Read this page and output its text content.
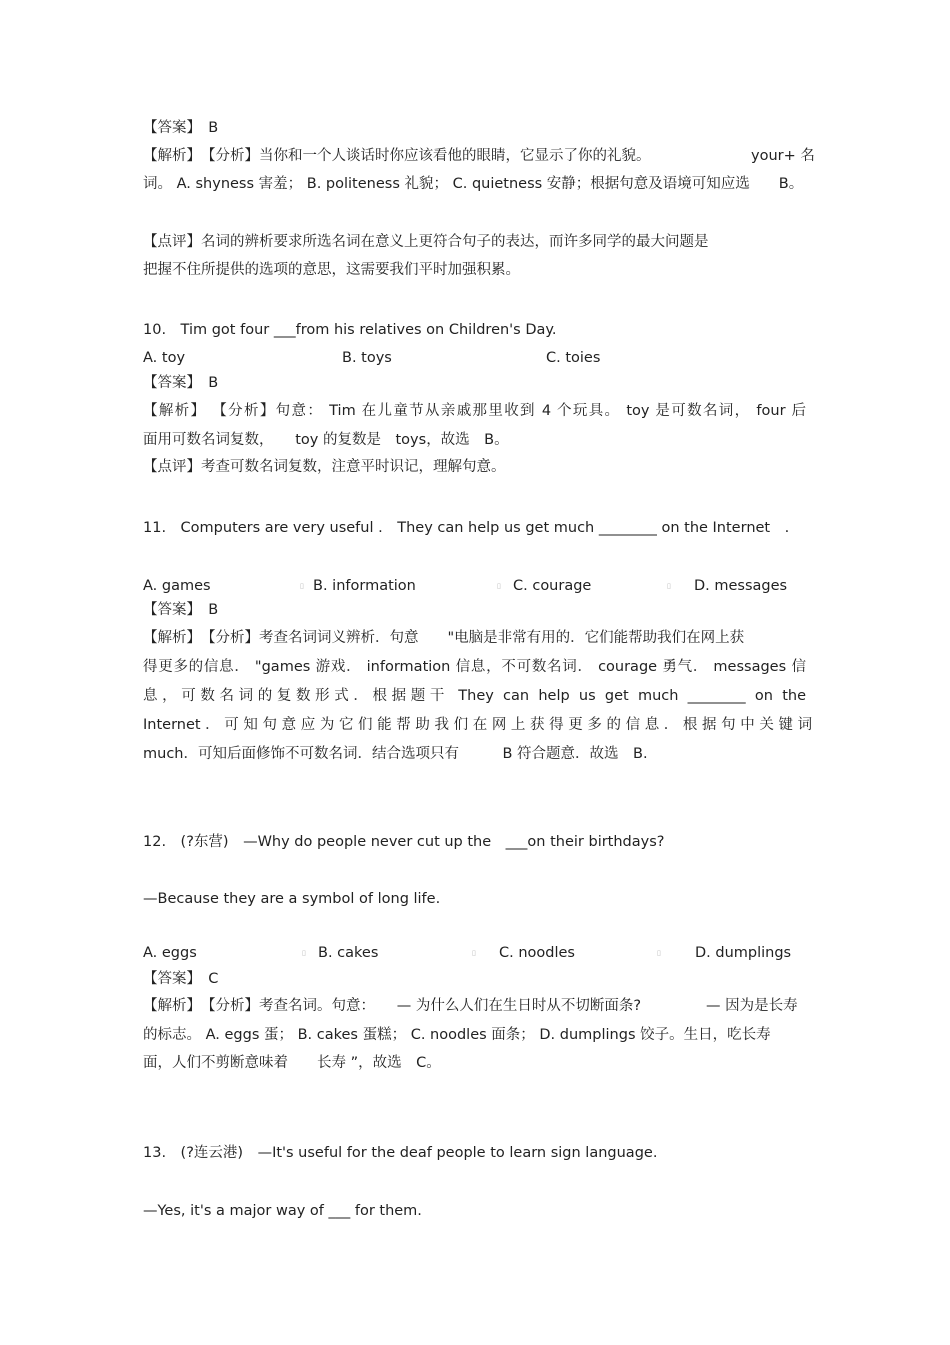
【答案】　B
【解析】　【分析】当你和一个人谈话时你应该看他的眼睛，它显示了你的礼貌。	your+ 名
词。 A. shyness 害羞； B. politeness 礼貌； C. quietness 安静；根据句意及语境可知应选　　B。
【点评】名词的辨析要求所选名词在意义上更符合句子的表达，而许多同学的最大问题是
把握不住所提供的选项的意思，这需要我们平时加强积累。
10.　Tim got four ___from his relatives on Children's Day.
A. toy	B. toys	C. toies
【答案】　B
【解析】 【分析】句意： Tim 在儿童节从亲戚那里收到 4 个玩具。 toy 是可数名词， four 后
面用可数名词复数，　　toy 的复数是　toys，故选　B。
【点评】考查可数名词复数，注意平时识记，理解句意。
11.　Computers are very useful .　They can help us get much ________ on the Internet　.
A. games	▯ B. information	▯ C. courage	▯ D. messages
【答案】　B
【解析】　【分析】考查名词词义辨析．句意　　"电脑是非常有用的．它们能帮助我们在网上获
得更多的信息． "games 游戏． information 信息，不可数名词． courage 勇气． messages 信
息，可数名词的复数形式．根据题干 They can help us get much ________ on the
Internet ． 可 知 句 意 应 为 它 们 能 帮 助 我 们 在 网 上 获 得 更 多 的 信 息 ． 根 据 句 中 关 键 词
much．可知后面修饰不可数名词．结合选项只有　　　B 符合题意．故选　B.
12.　(?东营)　—Why do people never cut up the　___on their birthdays?
—Because they are a symbol of long life.
A. eggs	▯ B. cakes	▯ C. noodles	▯ D. dumplings
【答案】　C
【解析】　【分析】考查名词。句意：　　— 为什么人们在生日时从不切断面条?	— 因为是长寿
的标志。 A. eggs 蛋； B. cakes 蛋糕； C. noodles 面条； D. dumplings 饺子。生日，吃长寿
面，人们不剪断意味着　　长寿 ”，故选　C。
13.　(?连云港)　—It's useful for the deaf people to learn sign language.
—Yes, it's a major way of ___ for them.
